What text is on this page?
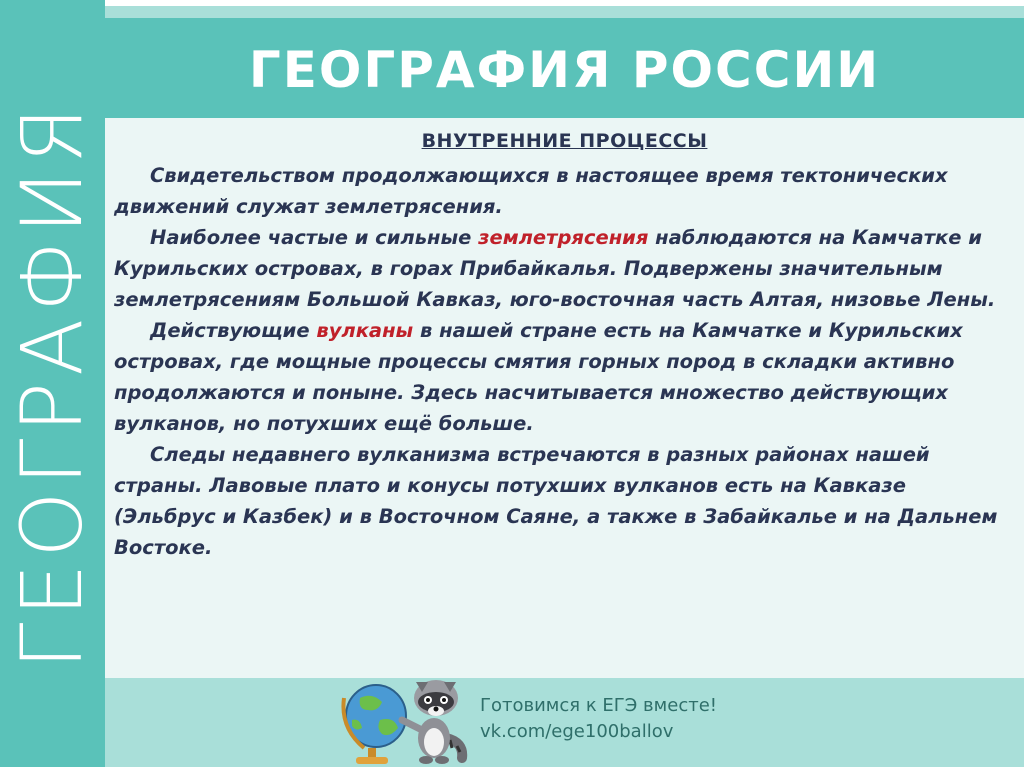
ГЕОГРАФИЯ РОССИИ
ГЕОГРАФИЯ	ВНУТРЕННИЕ ПРОЦЕССЫ

Свидетельством продолжающихся в настоящее время тектонических движений служат землетрясения.

Наиболее частые и сильные землетрясения наблюдаются на Камчатке и Курильских островах, в горах Прибайкалья. Подвержены значительным землетрясениям Большой Кавказ, юго-восточная часть Алтая, низовье Лены.

Действующие вулканы в нашей стране есть на Камчатке и Курильских островах, где мощные процессы смятия горных пород в складки активно продолжаются и поныне. Здесь насчитывается множество действующих вулканов, но потухших ещё больше.

Следы недавнего вулканизма встречаются в разных районах нашей страны. Лавовые плато и конусы потухших вулканов есть на Кавказе (Эльбрус и Казбек) и в Восточном Саяне, а также в Забайкалье и на Дальнем Востоке.

Готовимся к ЕГЭ вместе!
vk.com/ege100ballov
